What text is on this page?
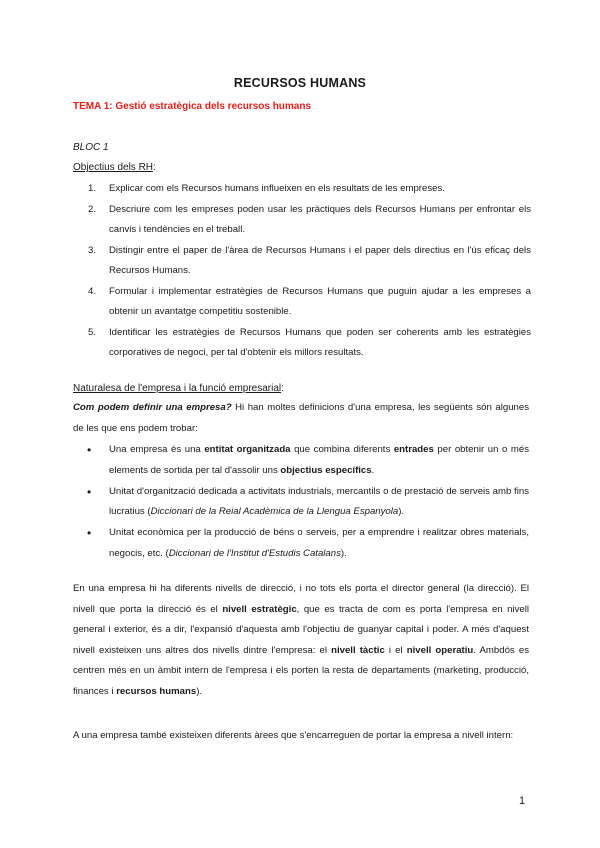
RECURSOS HUMANS
TEMA 1: Gestió estratègica dels recursos humans
BLOC 1
Objectius dels RH:
1. Explicar com els Recursos humans influeixen en els resultats de les empreses.
2. Descriure com les empreses poden usar les pràctiques dels Recursos Humans per enfrontar els canvis i tendències en el treball.
3. Distingir entre el paper de l'àrea de Recursos Humans i el paper dels directius en l'ús eficaç dels Recursos Humans.
4. Formular i implementar estratègies de Recursos Humans que puguin ajudar a les empreses a obtenir un avantatge competitiu sostenible.
5. Identificar les estratègies de Recursos Humans que poden ser coherents amb les estratègies corporatives de negoci, per tal d'obtenir els millors resultats.
Naturalesa de l'empresa i la funció empresarial:
Com podem definir una empresa? Hi han moltes definicions d'una empresa, les següents són algunes de les que ens podem trobar:
• Una empresa és una entitat organitzada que combina diferents entrades per obtenir un o més elements de sortida per tal d'assolir uns objectius específics.
• Unitat d'organització dedicada a activitats industrials, mercantils o de prestació de serveis amb fins lucratius (Diccionari de la Reial Acadèmica de la Llengua Espanyola).
• Unitat econòmica per la producció de béns o serveis, per a emprendre i realitzar obres materials, negocis, etc. (Diccionari de l'Institut d'Estudis Catalans).
En una empresa hi ha diferents nivells de direcció, i no tots els porta el director general (la direcció). El nivell que porta la direcció és el nivell estratègic, que es tracta de com es porta l'empresa en nivell general i exterior, és a dir, l'expansió d'aquesta amb l'objectiu de guanyar capital i poder. A més d'aquest nivell existeixen uns altres dos nivells dintre l'empresa: el nivell tàctic i el nivell operatiu. Ambdós es centren més en un àmbit intern de l'empresa i els porten la resta de departaments (marketing, producció, finances i recursos humans).
A una empresa també existeixen diferents àrees que s'encarreguen de portar la empresa a nivell intern:
1
